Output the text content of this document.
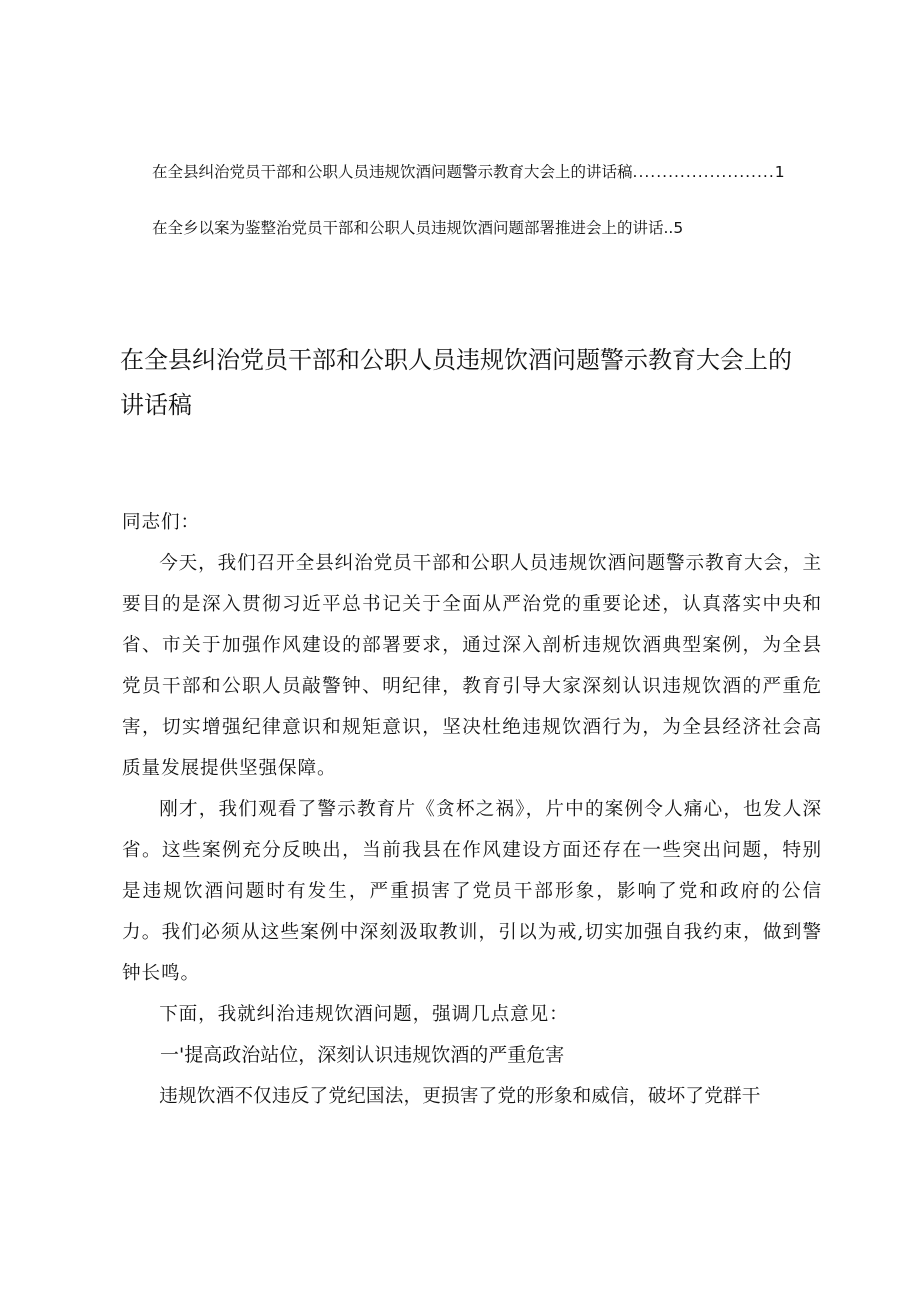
在全县纠治党员干部和公职人员违规饮酒问题警示教育大会上的讲话稿 ........................ 1
在全乡以案为鉴整治党员干部和公职人员违规饮酒问题部署推进会上的讲话.. 5
在全县纠治党员干部和公职人员违规饮酒问题警示教育大会上的讲话稿

同志们：

今天，我们召开全县纠治党员干部和公职人员违规饮酒问题警示教育大会，主要目的是深入贯彻习近平总书记关于全面从严治党的重要论述，认真落实中央和省、市关于加强作风建设的部署要求，通过深入剖析违规饮酒典型案例，为全县党员干部和公职人员敲警钟、明纪律，教育引导大家深刻认识违规饮酒的严重危害，切实增强纪律意识和规矩意识，坚决杜绝违规饮酒行为，为全县经济社会高质量发展提供坚强保障。

刚才，我们观看了警示教育片《贪杯之祸》，片中的案例令人痛心，也发人深省。这些案例充分反映出，当前我县在作风建设方面还存在一些突出问题，特别是违规饮酒问题时有发生，严重损害了党员干部形象，影响了党和政府的公信力。我们必须从这些案例中深刻汲取教训，引以为戒,切实加强自我约束，做到警钟长鸣。

下面，我就纠治违规饮酒问题，强调几点意见：

一'提高政治站位，深刻认识违规饮酒的严重危害

违规饮酒不仅违反了党纪国法，更损害了党的形象和威信，破坏了党群干
